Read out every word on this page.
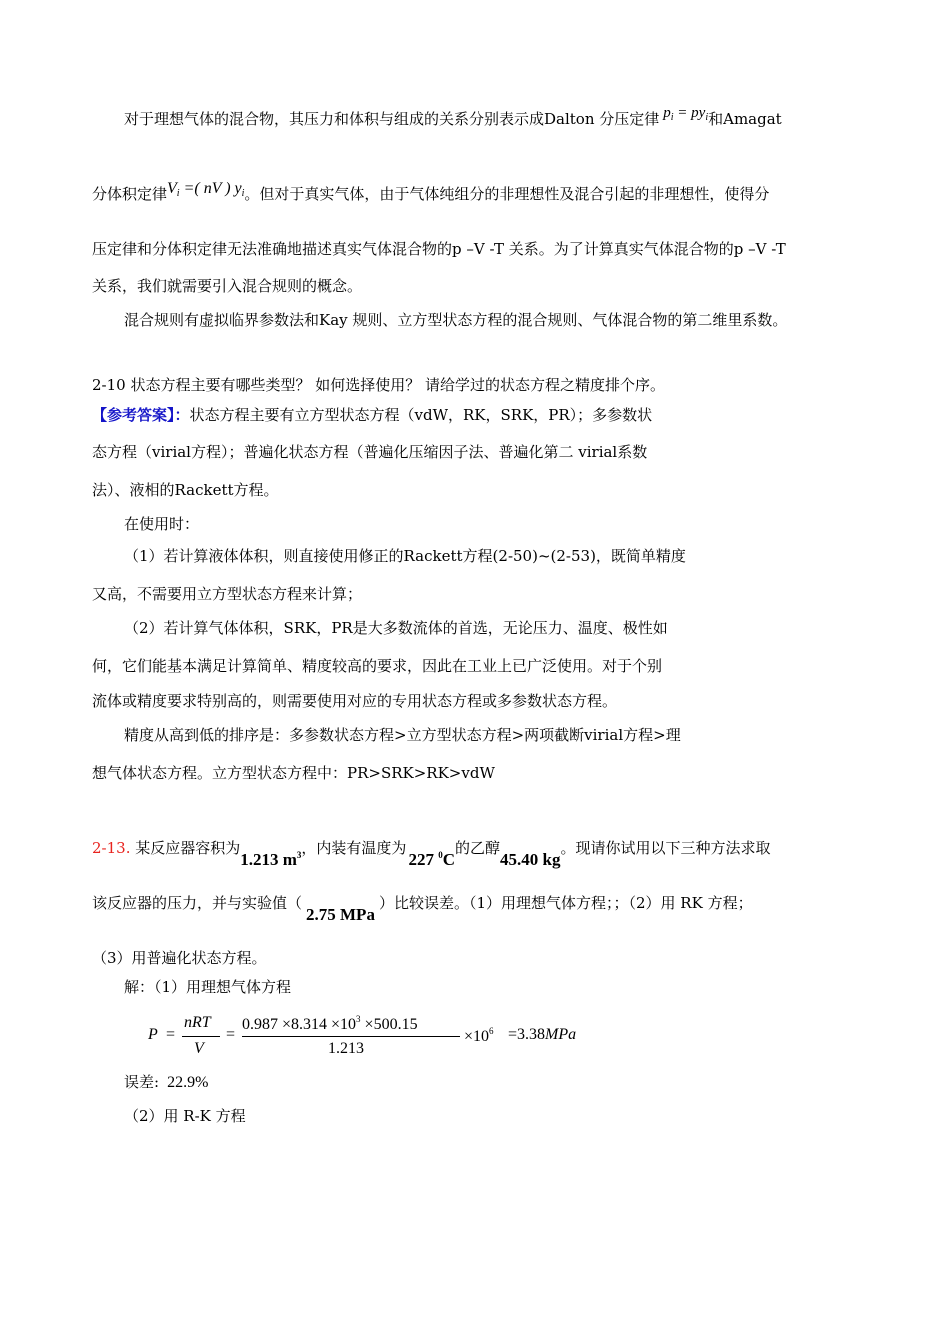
对于理想气体的混合物，其压力和体积与组成的关系分别表示成Dalton 分压定律 $p_i = py_i$和Amagat
分体积定律$V_i$ =( nV ) $y_i$。但对于真实气体，由于气体纯组分的非理想性及混合引起的非理想性，使得分
压定律和分体积定律无法准确地描述真实气体混合物的p –V -T 关系。为了计算真实气体混合物的p –V -T
关系，我们就需要引入混合规则的概念。
混合规则有虚拟临界参数法和Kay 规则、立方型状态方程的混合规则、气体混合物的第二维里系数。
2-10 状态方程主要有哪些类型？ 如何选择使用？ 请给学过的状态方程之精度排个序。
【参考答案】：状态方程主要有立方型状态方程（vdW，RK，SRK，PR）；多参数状
态方程（virial方程）；普遍化状态方程（普遍化压缩因子法、普遍化第二 virial系数
法）、液相的Rackett方程。
在使用时：
（1）若计算液体体积，则直接使用修正的Rackett方程(2-50)~(2-53)，既简单精度
又高，不需要用立方型状态方程来计算；
（2）若计算气体体积，SRK，PR是大多数流体的首选，无论压力、温度、极性如
何，它们能基本满足计算简单、精度较高的要求，因此在工业上已广泛使用。对于个别
流体或精度要求特别高的，则需要使用对应的专用状态方程或多参数状态方程。
精度从高到低的排序是：多参数状态方程>立方型状态方程>两项截断virial方程>理
想气体状态方程。立方型状态方程中：PR>SRK>RK>vdW
2-13. 某反应器容积为1.213 $m^3$，内装有温度为227 $^0$C的乙醇45.40 kg。现请你试用以下三种方法求取
该反应器的压力，并与实验值（2.75 MPa）比较误差。（1）用理想气体方程；；（2）用 RK 方程；
（3）用普遍化状态方程。
解：（1）用理想气体方程
P =
nRT
V
=
$0.987 \times 8.314 \times 10^3 \times 500.15$
1.213
$\times 10^6 =3.38MPa$
误差: 22.9%
（2）用 R-K 方程
